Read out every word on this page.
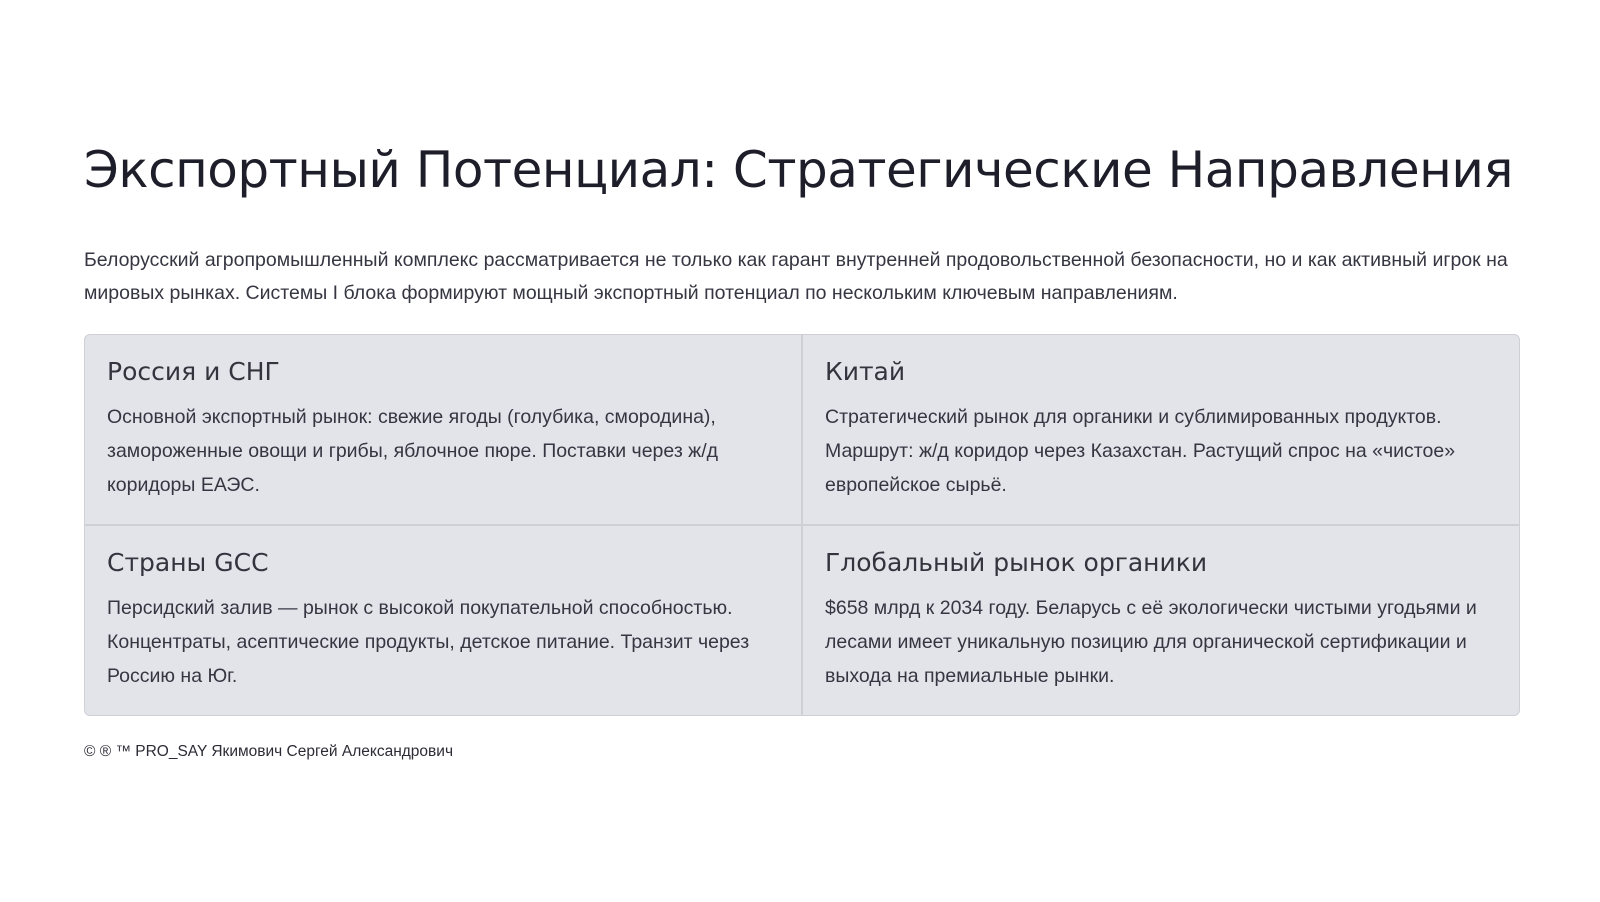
Экспортный Потенциал: Стратегические Направления

Белорусский агропромышленный комплекс рассматривается не только как гарант внутренней продовольственной безопасности, но и как активный игрок на мировых рынках. Системы I блока формируют мощный экспортный потенциал по нескольким ключевым направлениям.

Россия и СНГ

Основной экспортный рынок: свежие ягоды (голубика, смородина), замороженные овощи и грибы, яблочное пюре. Поставки через ж/д коридоры ЕАЭС.

Китай

Стратегический рынок для органики и сублимированных продуктов. Маршрут: ж/д коридор через Казахстан. Растущий спрос на «чистое» европейское сырьё.

Страны GCC

Персидский залив — рынок с высокой покупательной способностью. Концентраты, асептические продукты, детское питание. Транзит через Россию на Юг.

Глобальный рынок органики

$658 млрд к 2034 году. Беларусь с её экологически чистыми угодьями и лесами имеет уникальную позицию для органической сертификации и выхода на премиальные рынки.

© ® ™ PRO_SAY Якимович Сергей Александрович
